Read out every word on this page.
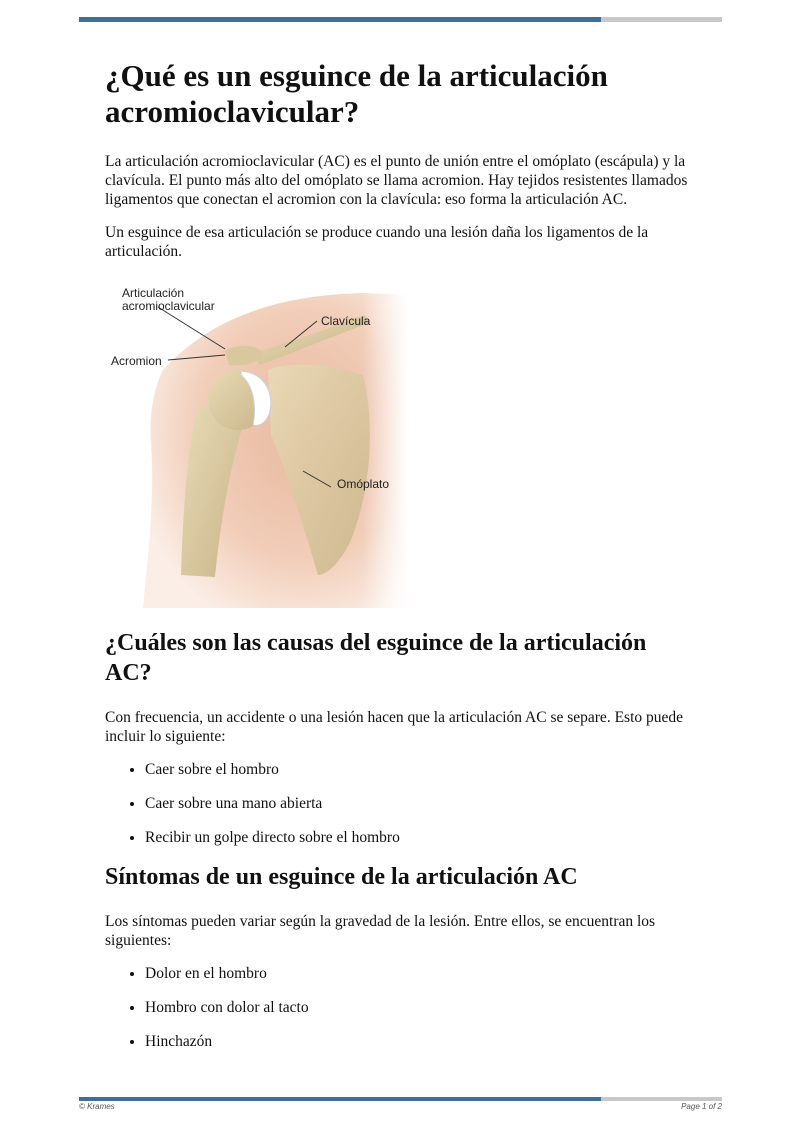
¿Qué es un esguince de la articulación acromioclavicular?

La articulación acromioclavicular (AC) es el punto de unión entre el omóplato (escápula) y la clavícula. El punto más alto del omóplato se llama acromion. Hay tejidos resistentes llamados ligamentos que conectan el acromion con la clavícula: eso forma la articulación AC.

Un esguince de esa articulación se produce cuando una lesión daña los ligamentos de la articulación.

Articulación
acromioclavicular
Clavícula
Acromion
Omóplato
¿Cuáles son las causas del esguince de la articulación AC?

Con frecuencia, un accidente o una lesión hacen que la articulación AC se separe. Esto puede incluir lo siguiente:

• Caer sobre el hombro
• Caer sobre una mano abierta
• Recibir un golpe directo sobre el hombro
Síntomas de un esguince de la articulación AC

Los síntomas pueden variar según la gravedad de la lesión. Entre ellos, se encuentran los siguientes:

• Dolor en el hombro
• Hombro con dolor al tacto
• Hinchazón
© Krames	Page 1 of 2
